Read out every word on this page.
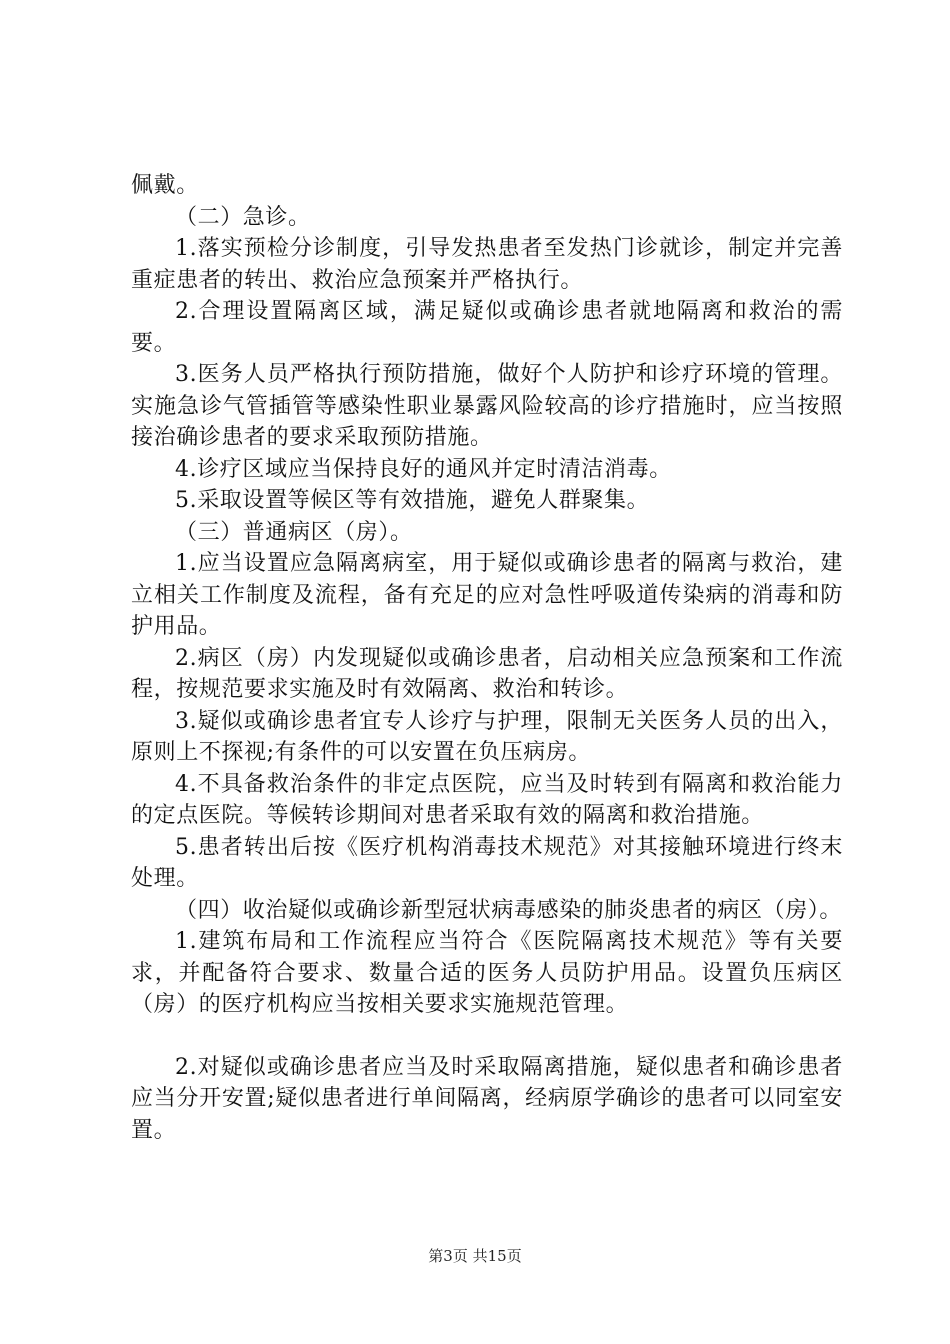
佩戴。

（二）急诊。

1.落实预检分诊制度，引导发热患者至发热门诊就诊，制定并完善重症患者的转出、救治应急预案并严格执行。

2.合理设置隔离区域，满足疑似或确诊患者就地隔离和救治的需要。

3.医务人员严格执行预防措施，做好个人防护和诊疗环境的管理。实施急诊气管插管等感染性职业暴露风险较高的诊疗措施时，应当按照接治确诊患者的要求采取预防措施。

4.诊疗区域应当保持良好的通风并定时清洁消毒。

5.采取设置等候区等有效措施，避免人群聚集。

（三）普通病区（房）。

1.应当设置应急隔离病室，用于疑似或确诊患者的隔离与救治，建立相关工作制度及流程，备有充足的应对急性呼吸道传染病的消毒和防护用品。

2.病区（房）内发现疑似或确诊患者，启动相关应急预案和工作流程，按规范要求实施及时有效隔离、救治和转诊。

3.疑似或确诊患者宜专人诊疗与护理，限制无关医务人员的出入，原则上不探视;有条件的可以安置在负压病房。

4.不具备救治条件的非定点医院，应当及时转到有隔离和救治能力的定点医院。等候转诊期间对患者采取有效的隔离和救治措施。

5.患者转出后按《医疗机构消毒技术规范》对其接触环境进行终末处理。

（四）收治疑似或确诊新型冠状病毒感染的肺炎患者的病区（房）。

1.建筑布局和工作流程应当符合《医院隔离技术规范》等有关要求，并配备符合要求、数量合适的医务人员防护用品。设置负压病区（房）的医疗机构应当按相关要求实施规范管理。

2.对疑似或确诊患者应当及时采取隔离措施，疑似患者和确诊患者应当分开安置;疑似患者进行单间隔离，经病原学确诊的患者可以同室安置。

第3页 共15页
